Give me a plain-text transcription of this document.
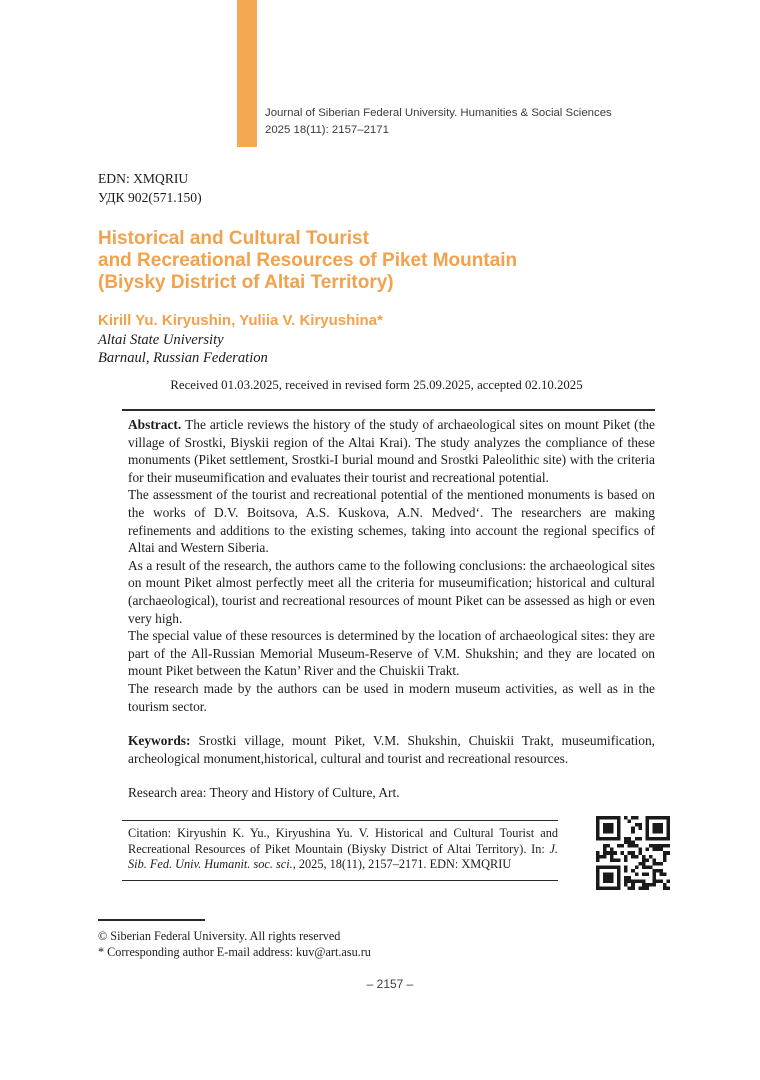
Journal of Siberian Federal University. Humanities & Social Sciences
2025 18(11): 2157–2171
EDN: XMQRIU
УДК 902(571.150)
Historical and Cultural Tourist
and Recreational Resources of Piket Mountain
(Biysky District of Altai Territory)
Kirill Yu. Kiryushin, Yuliia V. Kiryushina*
Altai State University
Barnaul, Russian Federation
Received 01.03.2025, received in revised form 25.09.2025, accepted 02.10.2025

Abstract. The article reviews the history of the study of archaeological sites on mount Piket (the village of Srostki, Biyskii region of the Altai Krai). The study analyzes the compliance of these monuments (Piket settlement, Srostki-I burial mound and Srostki Paleolithic site) with the criteria for their museumification and evaluates their tourist and recreational potential.

The assessment of the tourist and recreational potential of the mentioned monuments is based on the works of D.V. Boitsova, A.S. Kuskova, A.N. Medved‘. The researchers are making refinements and additions to the existing schemes, taking into account the regional specifics of Altai and Western Siberia.

As a result of the research, the authors came to the following conclusions: the archaeological sites on mount Piket almost perfectly meet all the criteria for museumification; historical and cultural (archaeological), tourist and recreational resources of mount Piket can be assessed as high or even very high.

The special value of these resources is determined by the location of archaeological sites: they are part of the All-Russian Memorial Museum-Reserve of V.M. Shukshin; and they are located on mount Piket between the Katun’ River and the Chuiskii Trakt.

The research made by the authors can be used in modern museum activities, as well as in the tourism sector.

Keywords: Srostki village, mount Piket, V.M. Shukshin, Chuiskii Trakt, museumification, archeological monument,historical, cultural and tourist and recreational resources.

Research area: Theory and History of Culture, Art.

Citation: Kiryushin K. Yu., Kiryushina Yu. V. Historical and Cultural Tourist and Recreational Resources of Piket Mountain (Biysky District of Altai Territory). In: J. Sib. Fed. Univ. Humanit. soc. sci., 2025, 18(11), 2157–2171. EDN: XMQRIU

© Siberian Federal University. All rights reserved
* Corresponding author E-mail address: kuv@art.asu.ru
– 2157 –
